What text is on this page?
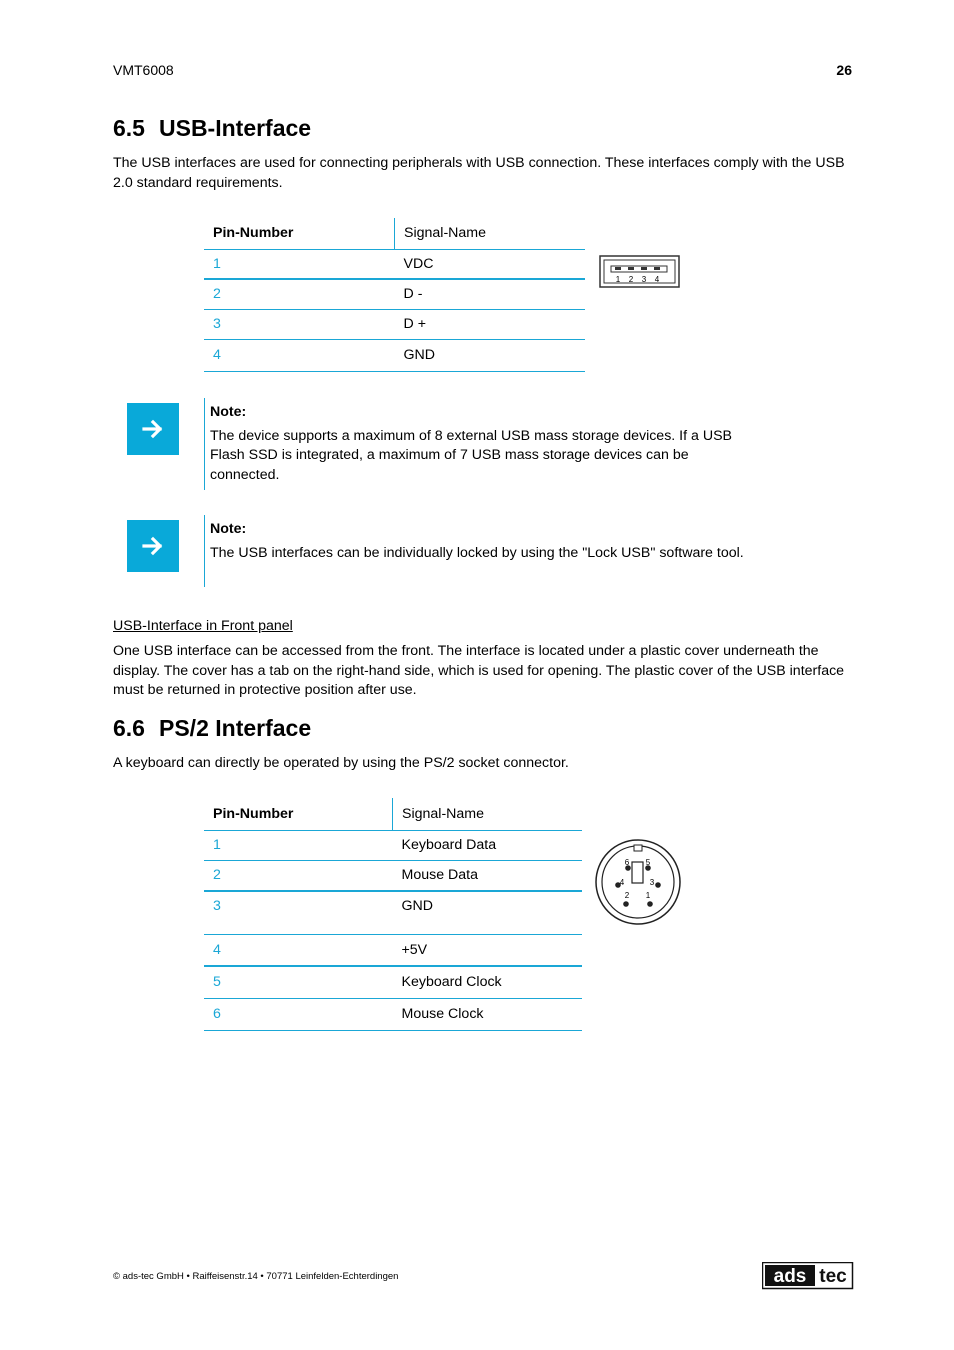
VMT6008	26
6.5 USB-Interface
The USB interfaces are used for connecting peripherals with USB connection. These interfaces comply with the USB 2.0 standard requirements.
Pin-Number	Signal-Name
1	VDC
2	D -
3	D +
4	GND
1 2 3 4
Note:
The device supports a maximum of 8 external USB mass storage devices. If a USB Flash SSD is integrated, a maximum of 7 USB mass storage devices can be connected.
Note:
The USB interfaces can be individually locked by using the "Lock USB" software tool.
USB-Interface in Front panel
One USB interface can be accessed from the front. The interface is located under a plastic cover underneath the display. The cover has a tab on the right-hand side, which is used for opening. The plastic cover of the USB interface must be returned in protective position after use.
6.6 PS/2 Interface
A keyboard can directly be operated by using the PS/2 socket connector.
Pin-Number	Signal-Name
1	Keyboard Data
2	Mouse Data
3	GND
4	+5V
5	Keyboard Clock
6	Mouse Clock
6 5
4	3
2 1
© ads-tec GmbH • Raiffeisenstr.14 • 70771 Leinfelden-Echterdingen	ads tec
